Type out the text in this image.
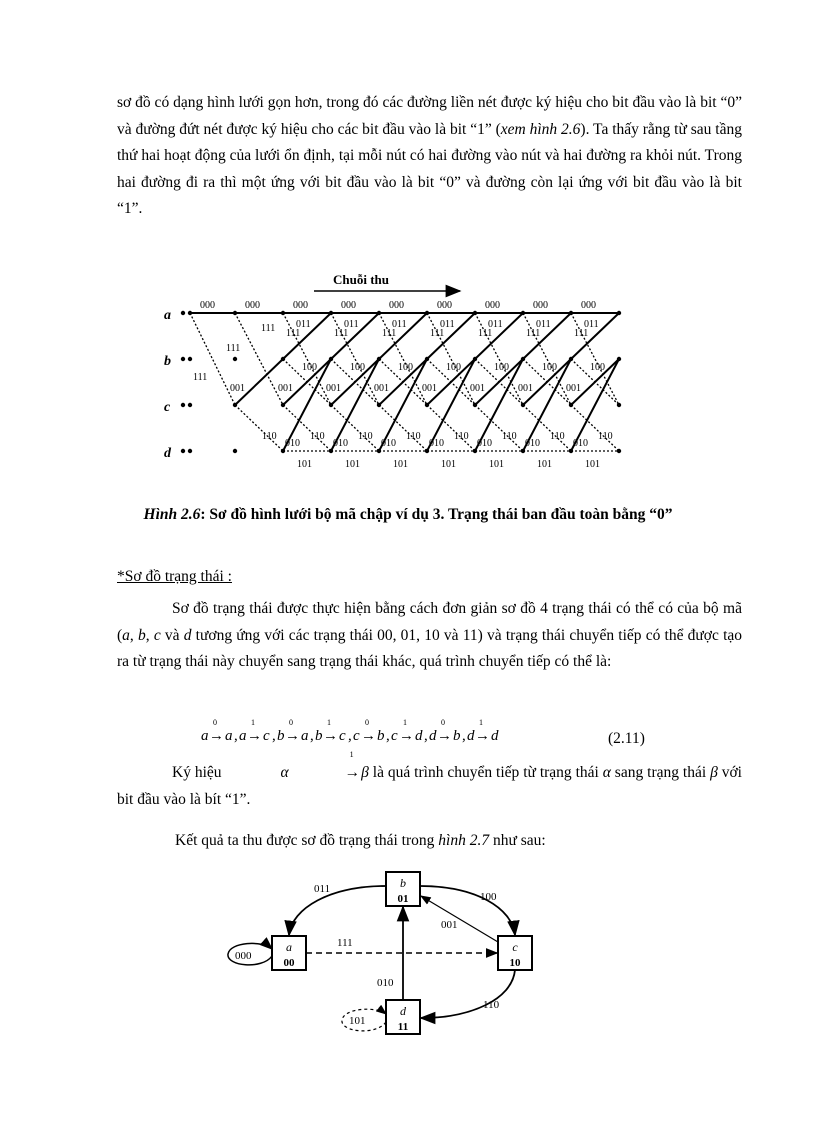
sơ đồ có dạng hình lưới gọn hơn, trong đó các đường liền nét được ký hiệu cho bit đầu vào là bit “0” và đường đứt nét được ký hiệu cho các bit đầu vào là bit “1” (xem hình 2.6). Ta thấy rằng từ sau tầng thứ hai hoạt động của lưới ổn định, tại mỗi nút có hai đường vào nút và hai đường ra khỏi nút. Trong hai đường đi ra thì một ứng với bit đầu vào là bit “0” và đường còn lại ứng với bit đầu vào là bit “1”.

Chuỗi thu
a
b
c
d
000	000	000	000	000	000	000	000	000
111
111
111 111	111	111	111	111	111	111
011	011	011	011	011	011	011
100	100	100	100	100	100	100
001	001	001	001	001	001	001	001
110	110	110	110	110	110	110	110
010	010	010	010	010	010	010
101	101	101	101	101	101	101
Hình 2.6: Sơ đồ hình lưới bộ mã chập ví dụ 3. Trạng thái ban đầu toàn bằng “0”
*Sơ đồ trạng thái :

Sơ đồ trạng thái được thực hiện bằng cách đơn giản sơ đồ 4 trạng thái có thể có của bộ mã (a, b, c và d tương ứng với các trạng thái 00, 01, 10 và 11) và trạng thái chuyển tiếp có thể được tạo ra từ trạng thái này chuyển sang trạng thái khác, quá trình chuyển tiếp có thể là:

a
0
→ a , a
1
→ c , b
0
→ a , b
1
→ c , c
0
→ b , c
1
→ d , d
0
→ b , d
1
→ d	(2.11)

Ký hiệu	α
1
→β là quá trình chuyển tiếp từ trạng thái α sang trạng thái β với bit đầu vào là bít “1”.

Kết quả ta thu được sơ đồ trạng thái trong hình 2.7 như sau:

b
01
a
00
c
10
d
11
000
011
100
001
111
010
110
101
